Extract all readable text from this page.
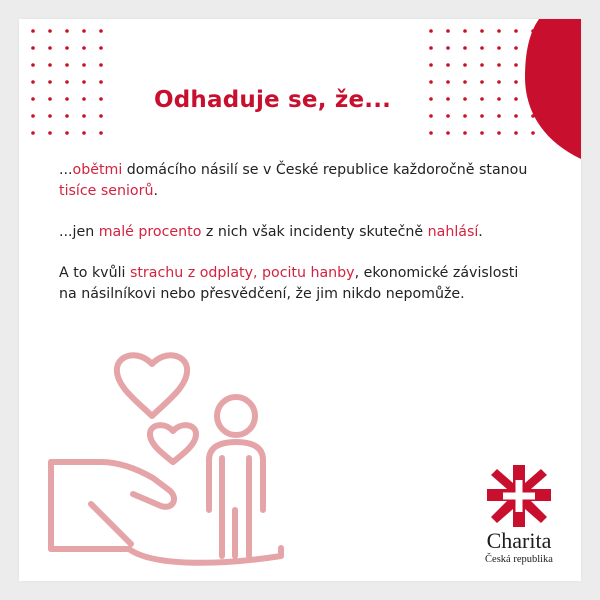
Odhaduje se, že...

...obětmi domácího násilí se v České republice každoročně stanou tisíce seniorů.

...jen malé procento z nich však incidenty skutečně nahlásí.

A to kvůli strachu z odplaty, pocitu hanby, ekonomické závislosti na násilníkovi nebo přesvědčení, že jim nikdo nepomůže.

Charita
Česká republika
